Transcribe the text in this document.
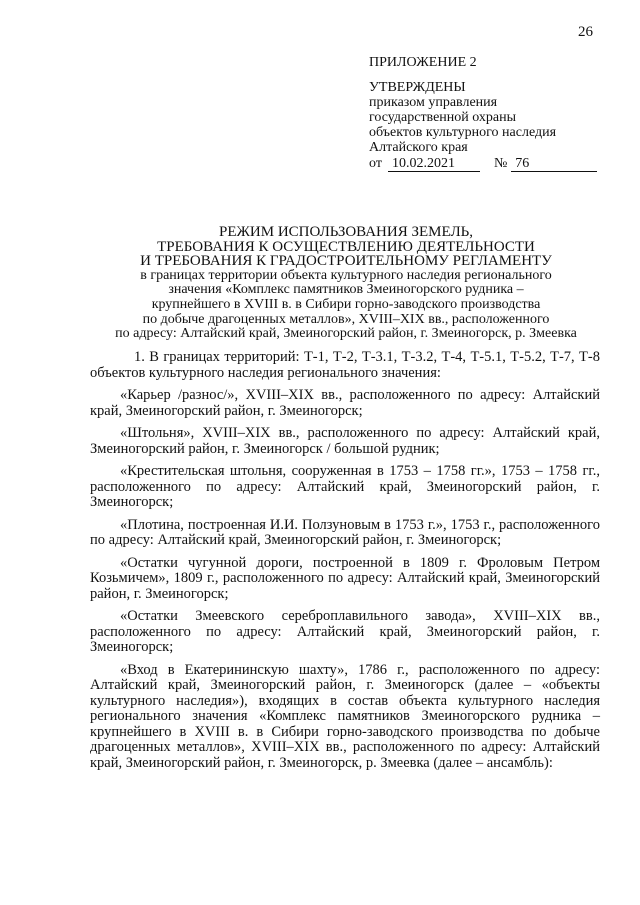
26
ПРИЛОЖЕНИЕ 2
УТВЕРЖДЕНЫ
приказом управления
государственной охраны
объектов культурного наследия
Алтайского края
от 10.02.2021	№ 76
РЕЖИМ ИСПОЛЬЗОВАНИЯ ЗЕМЕЛЬ,
ТРЕБОВАНИЯ К ОСУЩЕСТВЛЕНИЮ ДЕЯТЕЛЬНОСТИ
И ТРЕБОВАНИЯ К ГРАДОСТРОИТЕЛЬНОМУ РЕГЛАМЕНТУ
в границах территории объекта культурного наследия регионального
значения «Комплекс памятников Змеиногорского рудника –
крупнейшего в XVIII в. в Сибири горно-заводского производства
по добыче драгоценных металлов», XVIII–XIX вв., расположенного
по адресу: Алтайский край, Змеиногорский район, г. Змеиногорск, р. Змеевка

1. В границах территорий: Т-1, Т-2, Т-3.1, Т-3.2, Т-4, Т-5.1, Т-5.2, Т-7, Т-8 объектов культурного наследия регионального значения:

«Карьер /разнос/», XVIII–XIX вв., расположенного по адресу: Алтайский край, Змеиногорский район, г. Змеиногорск;

«Штольня», XVIII–XIX вв., расположенного по адресу: Алтайский край, Змеиногорский район, г. Змеиногорск / большой рудник;

«Крестительская штольня, сооруженная в 1753 – 1758 гг.», 1753 – 1758 гг., расположенного по адресу: Алтайский край, Змеиногорский район, г. Змеиногорск;

«Плотина, построенная И.И. Ползуновым в 1753 г.», 1753 г., расположенного по адресу: Алтайский край, Змеиногорский район, г. Змеиногорск;

«Остатки чугунной дороги, построенной в 1809 г. Фроловым Петром Козьмичем», 1809 г., расположенного по адресу: Алтайский край, Змеиногорский район, г. Змеиногорск;

«Остатки Змеевского сереброплавильного завода», XVIII–XIX вв., расположенного по адресу: Алтайский край, Змеиногорский район, г. Змеиногорск;

«Вход в Екатерининскую шахту», 1786 г., расположенного по адресу: Алтайский край, Змеиногорский район, г. Змеиногорск (далее – «объекты культурного наследия»), входящих в состав объекта культурного наследия регионального значения «Комплекс памятников Змеиногорского рудника – крупнейшего в XVIII в. в Сибири горно-заводского производства по добыче драгоценных металлов», XVIII–XIX вв., расположенного по адресу: Алтайский край, Змеиногорский район, г. Змеиногорск, р. Змеевка (далее – ансамбль):
